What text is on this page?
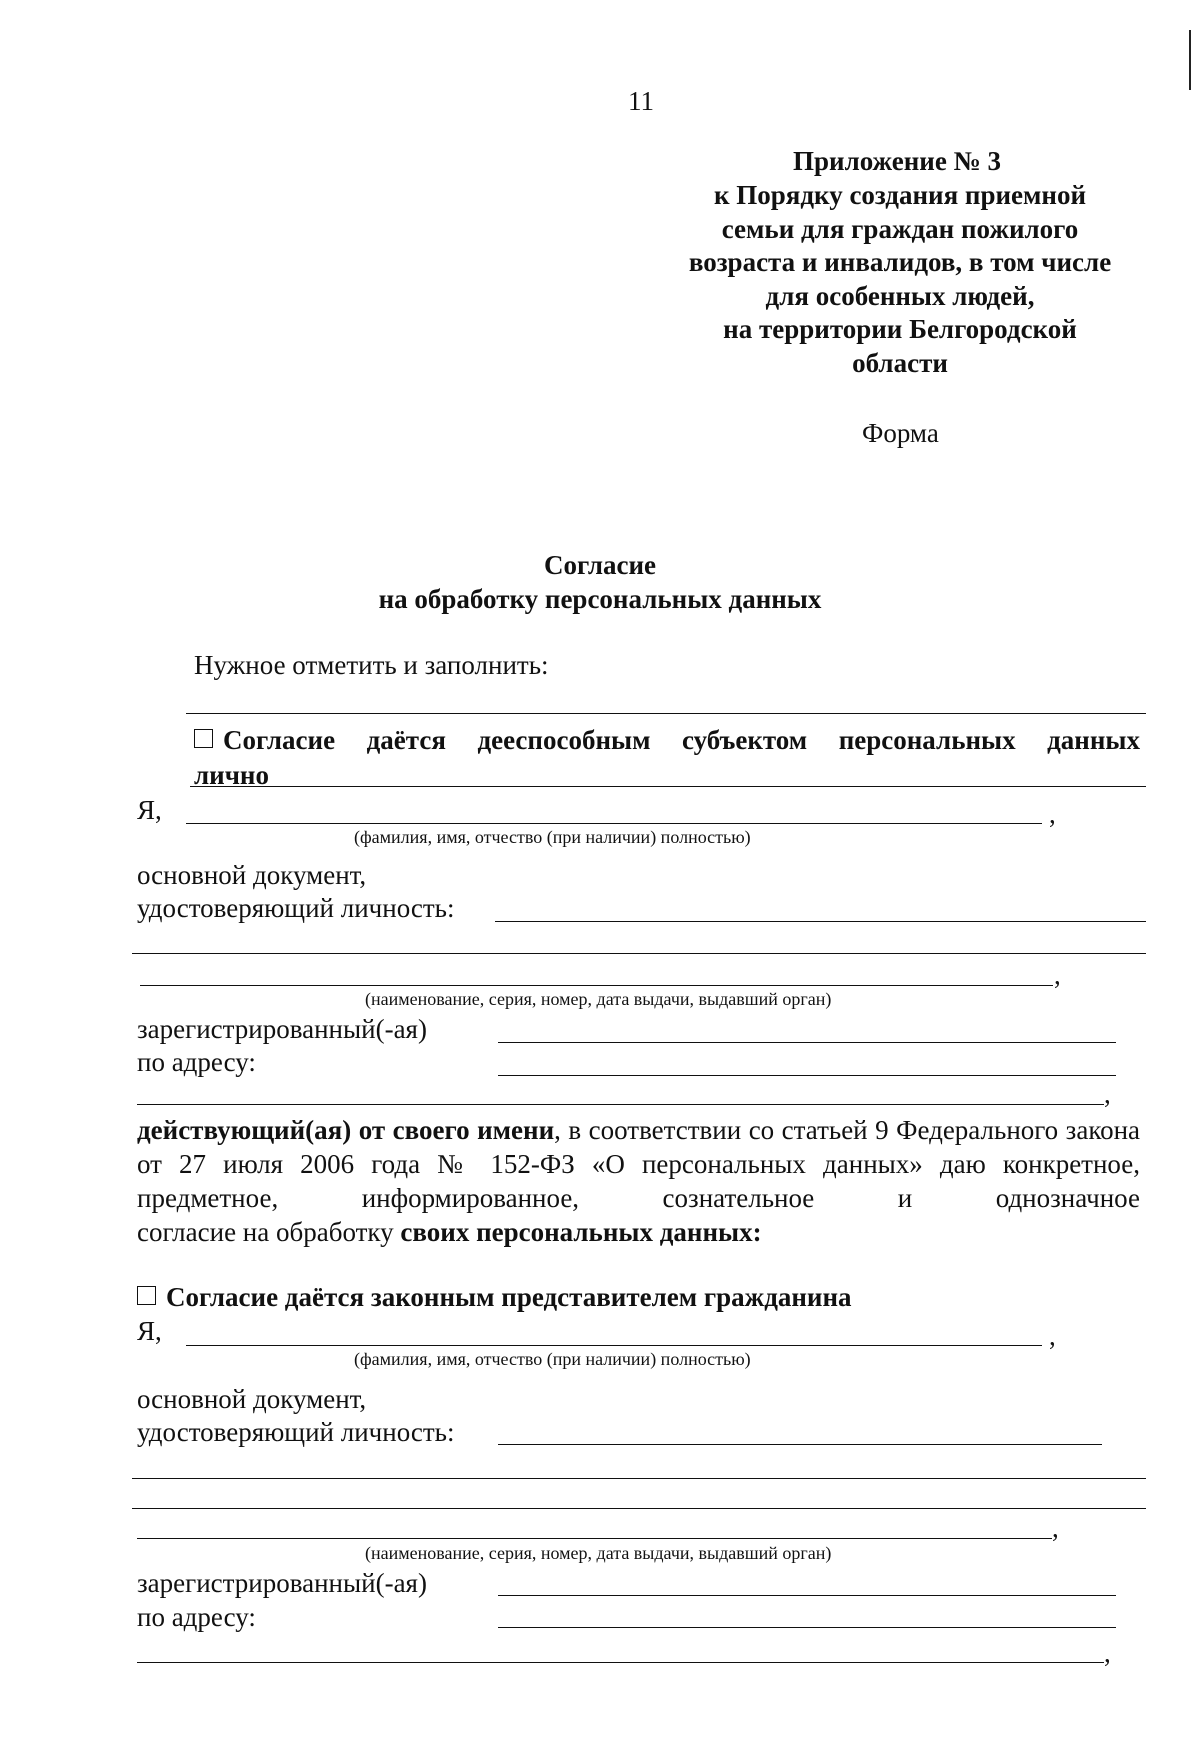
11
Приложение № 3
к Порядку создания приемной
семьи для граждан пожилого
возраста и инвалидов, в том числе
для особенных людей,
на территории Белгородской
области
Форма
Согласие
на обработку персональных данных
Нужное отметить и заполнить:
Согласие даётся дееспособным субъектом персональных данных
лично
Я,	,
(фамилия, имя, отчество (при наличии) полностью)
основной документ,
удостоверяющий личность:
,
(наименование, серия, номер, дата выдачи, выдавший орган)
зарегистрированный(-ая)
по адресу:
,
действующий(ая) от своего имени, в соответствии со статьей 9 Федерального закона от 27 июля 2006 года № 152-ФЗ «О персональных данных» даю конкретное, предметное, информированное, сознательное и однозначное
согласие на обработку своих персональных данных:
Согласие даётся законным представителем гражданина
Я,	,
(фамилия, имя, отчество (при наличии) полностью)
основной документ,
удостоверяющий личность:
,
(наименование, серия, номер, дата выдачи, выдавший орган)
зарегистрированный(-ая)
по адресу:
,
